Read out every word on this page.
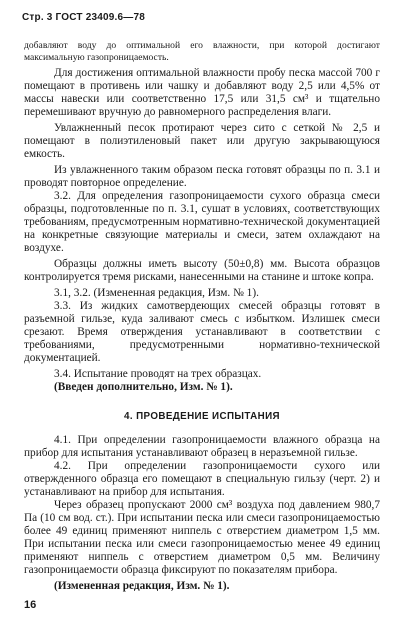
Стр. 3 ГОСТ 23409.6—78

добавляют воду до оптимальной его влажности, при которой достигают максимальную газопроницаемость.

Для достижения оптимальной влажности пробу песка массой 700 г помещают в противень или чашку и добавляют воду 2,5 или 4,5% от массы навески или соответственно 17,5 или 31,5 см³ и тщательно перемешивают вручную до равномерного распределения влаги.

Увлажненный песок протирают через сито с сеткой № 2,5 и помещают в полиэтиленовый пакет или другую закрывающуюся емкость.

Из увлажненного таким образом песка готовят образцы по п. 3.1 и проводят повторное определение.

3.2. Для определения газопроницаемости сухого образца смеси образцы, подготовленные по п. 3.1, сушат в условиях, соответствующих требованиям, предусмотренным нормативно-технической документацией на конкретные связующие материалы и смеси, затем охлаждают на воздухе.

Образцы должны иметь высоту (50±0,8) мм. Высота образцов контролируется тремя рисками, нанесенными на станине и штоке копра.

3.1, 3.2. (Измененная редакция, Изм. № 1).

3.3. Из жидких самотвердеющих смесей образцы готовят в разъемной гильзе, куда заливают смесь с избытком. Излишек смеси срезают. Время отверждения устанавливают в соответствии с требованиями, предусмотренными нормативно-технической документацией.

3.4. Испытание проводят на трех образцах.

(Введен дополнительно, Изм. № 1).

4. ПРОВЕДЕНИЕ ИСПЫТАНИЯ

4.1. При определении газопроницаемости влажного образца на прибор для испытания устанавливают образец в неразъемной гильзе.

4.2. При определении газопроницаемости сухого или отвержденного образца его помещают в специальную гильзу (черт. 2) и устанавливают на прибор для испытания.

Через образец пропускают 2000 см³ воздуха под давлением 980,7 Па (10 см вод. ст.). При испытании песка или смеси газопроницаемостью более 49 единиц применяют ниппель с отверстием диаметром 1,5 мм. При испытании песка или смеси газопроницаемостью менее 49 единиц применяют ниппель с отверстием диаметром 0,5 мм. Величину газопроницаемости образца фиксируют по показателям прибора.

(Измененная редакция, Изм. № 1).

16
